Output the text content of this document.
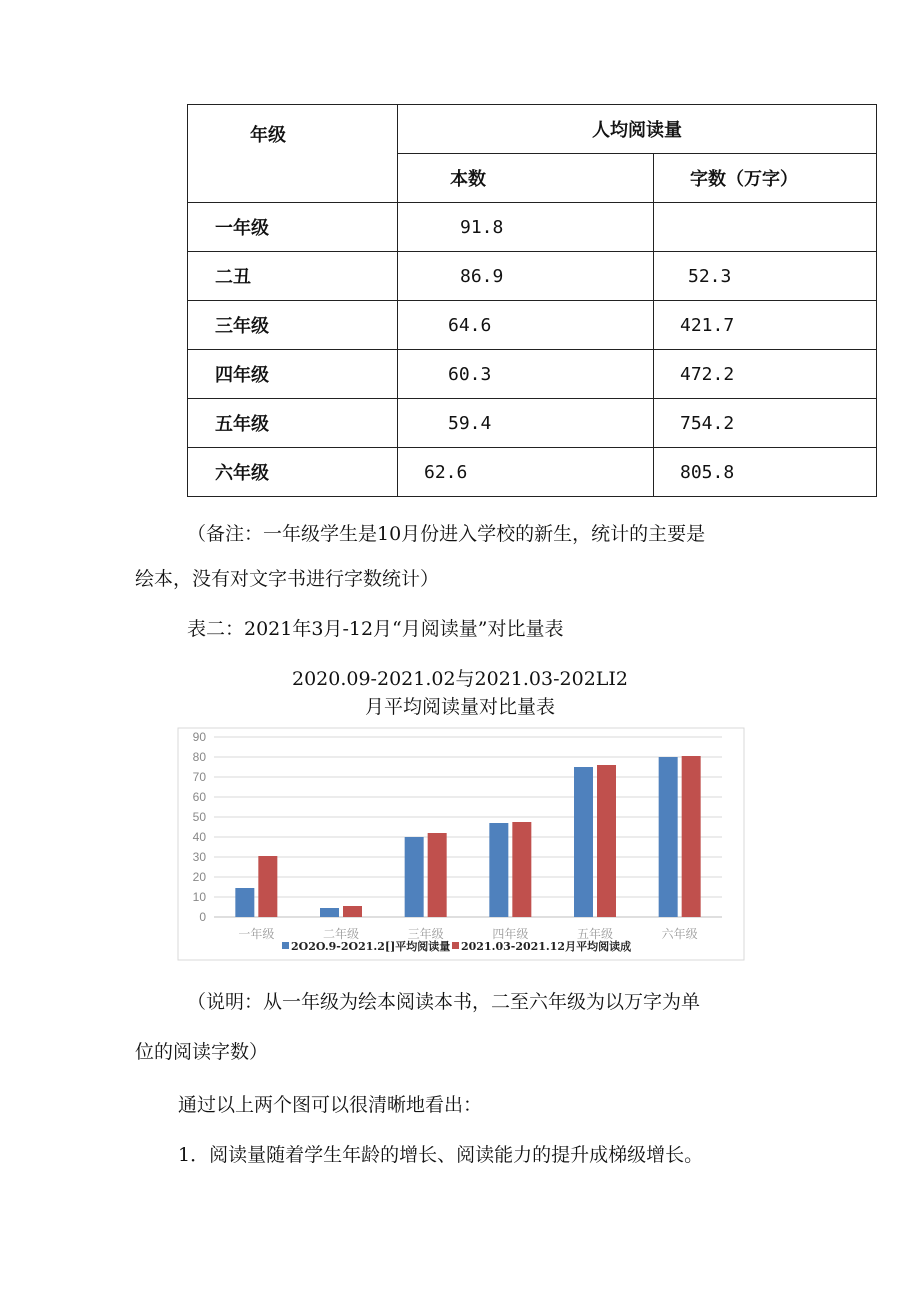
年级	人均阅读量	
	本数	字数（万字）
一年级	91.8	
二丑	86.9	52.3
三年级	64.6	421.7
四年级	60.3	472.2
五年级	59.4	754.2
六年级	62.6	805.8
（备注：一年级学生是10月份进入学校的新生，统计的主要是
绘本，没有对文字书进行字数统计）
表二：2021年3月-12月“月阅读量”对比量表
2020.09-2021.02与2021.03-202LI2
月平均阅读量对比量表
0
10
20
30
40
50
60
70
80
90
一年级	二年级	三年级	四年级	五年级	六年级
2O2O.9-2O21.2[]平均阅读量 2021.03-2021.12月平均阅读成
（说明：从一年级为绘本阅读本书，二至六年级为以万字为单
位的阅读字数）
通过以上两个图可以很清晰地看出：
1．阅读量随着学生年龄的增长、阅读能力的提升成梯级增长。
